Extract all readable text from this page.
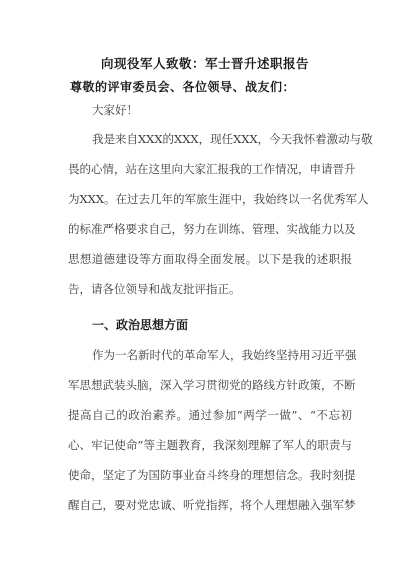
向现役军人致敬：军士晋升述职报告
尊敬的评审委员会、各位领导、战友们：
大家好！
我是来自XXX的XXX，现任XXX，今天我怀着激动与敬
畏的心情，站在这里向大家汇报我的工作情况，申请晋升
为XXX。在过去几年的军旅生涯中，我始终以一名优秀军人
的标准严格要求自己，努力在训练、管理、实战能力以及
思想道德建设等方面取得全面发展。以下是我的述职报
告，请各位领导和战友批评指正。
一、政治思想方面
作为一名新时代的革命军人，我始终坚持用习近平强
军思想武装头脑，深入学习贯彻党的路线方针政策，不断
提高自己的政治素养。通过参加“两学一做”、“不忘初
心、牢记使命”等主题教育，我深刻理解了军人的职责与
使命，坚定了为国防事业奋斗终身的理想信念。我时刻提
醒自己，要对党忠诚、听党指挥，将个人理想融入强军梦
